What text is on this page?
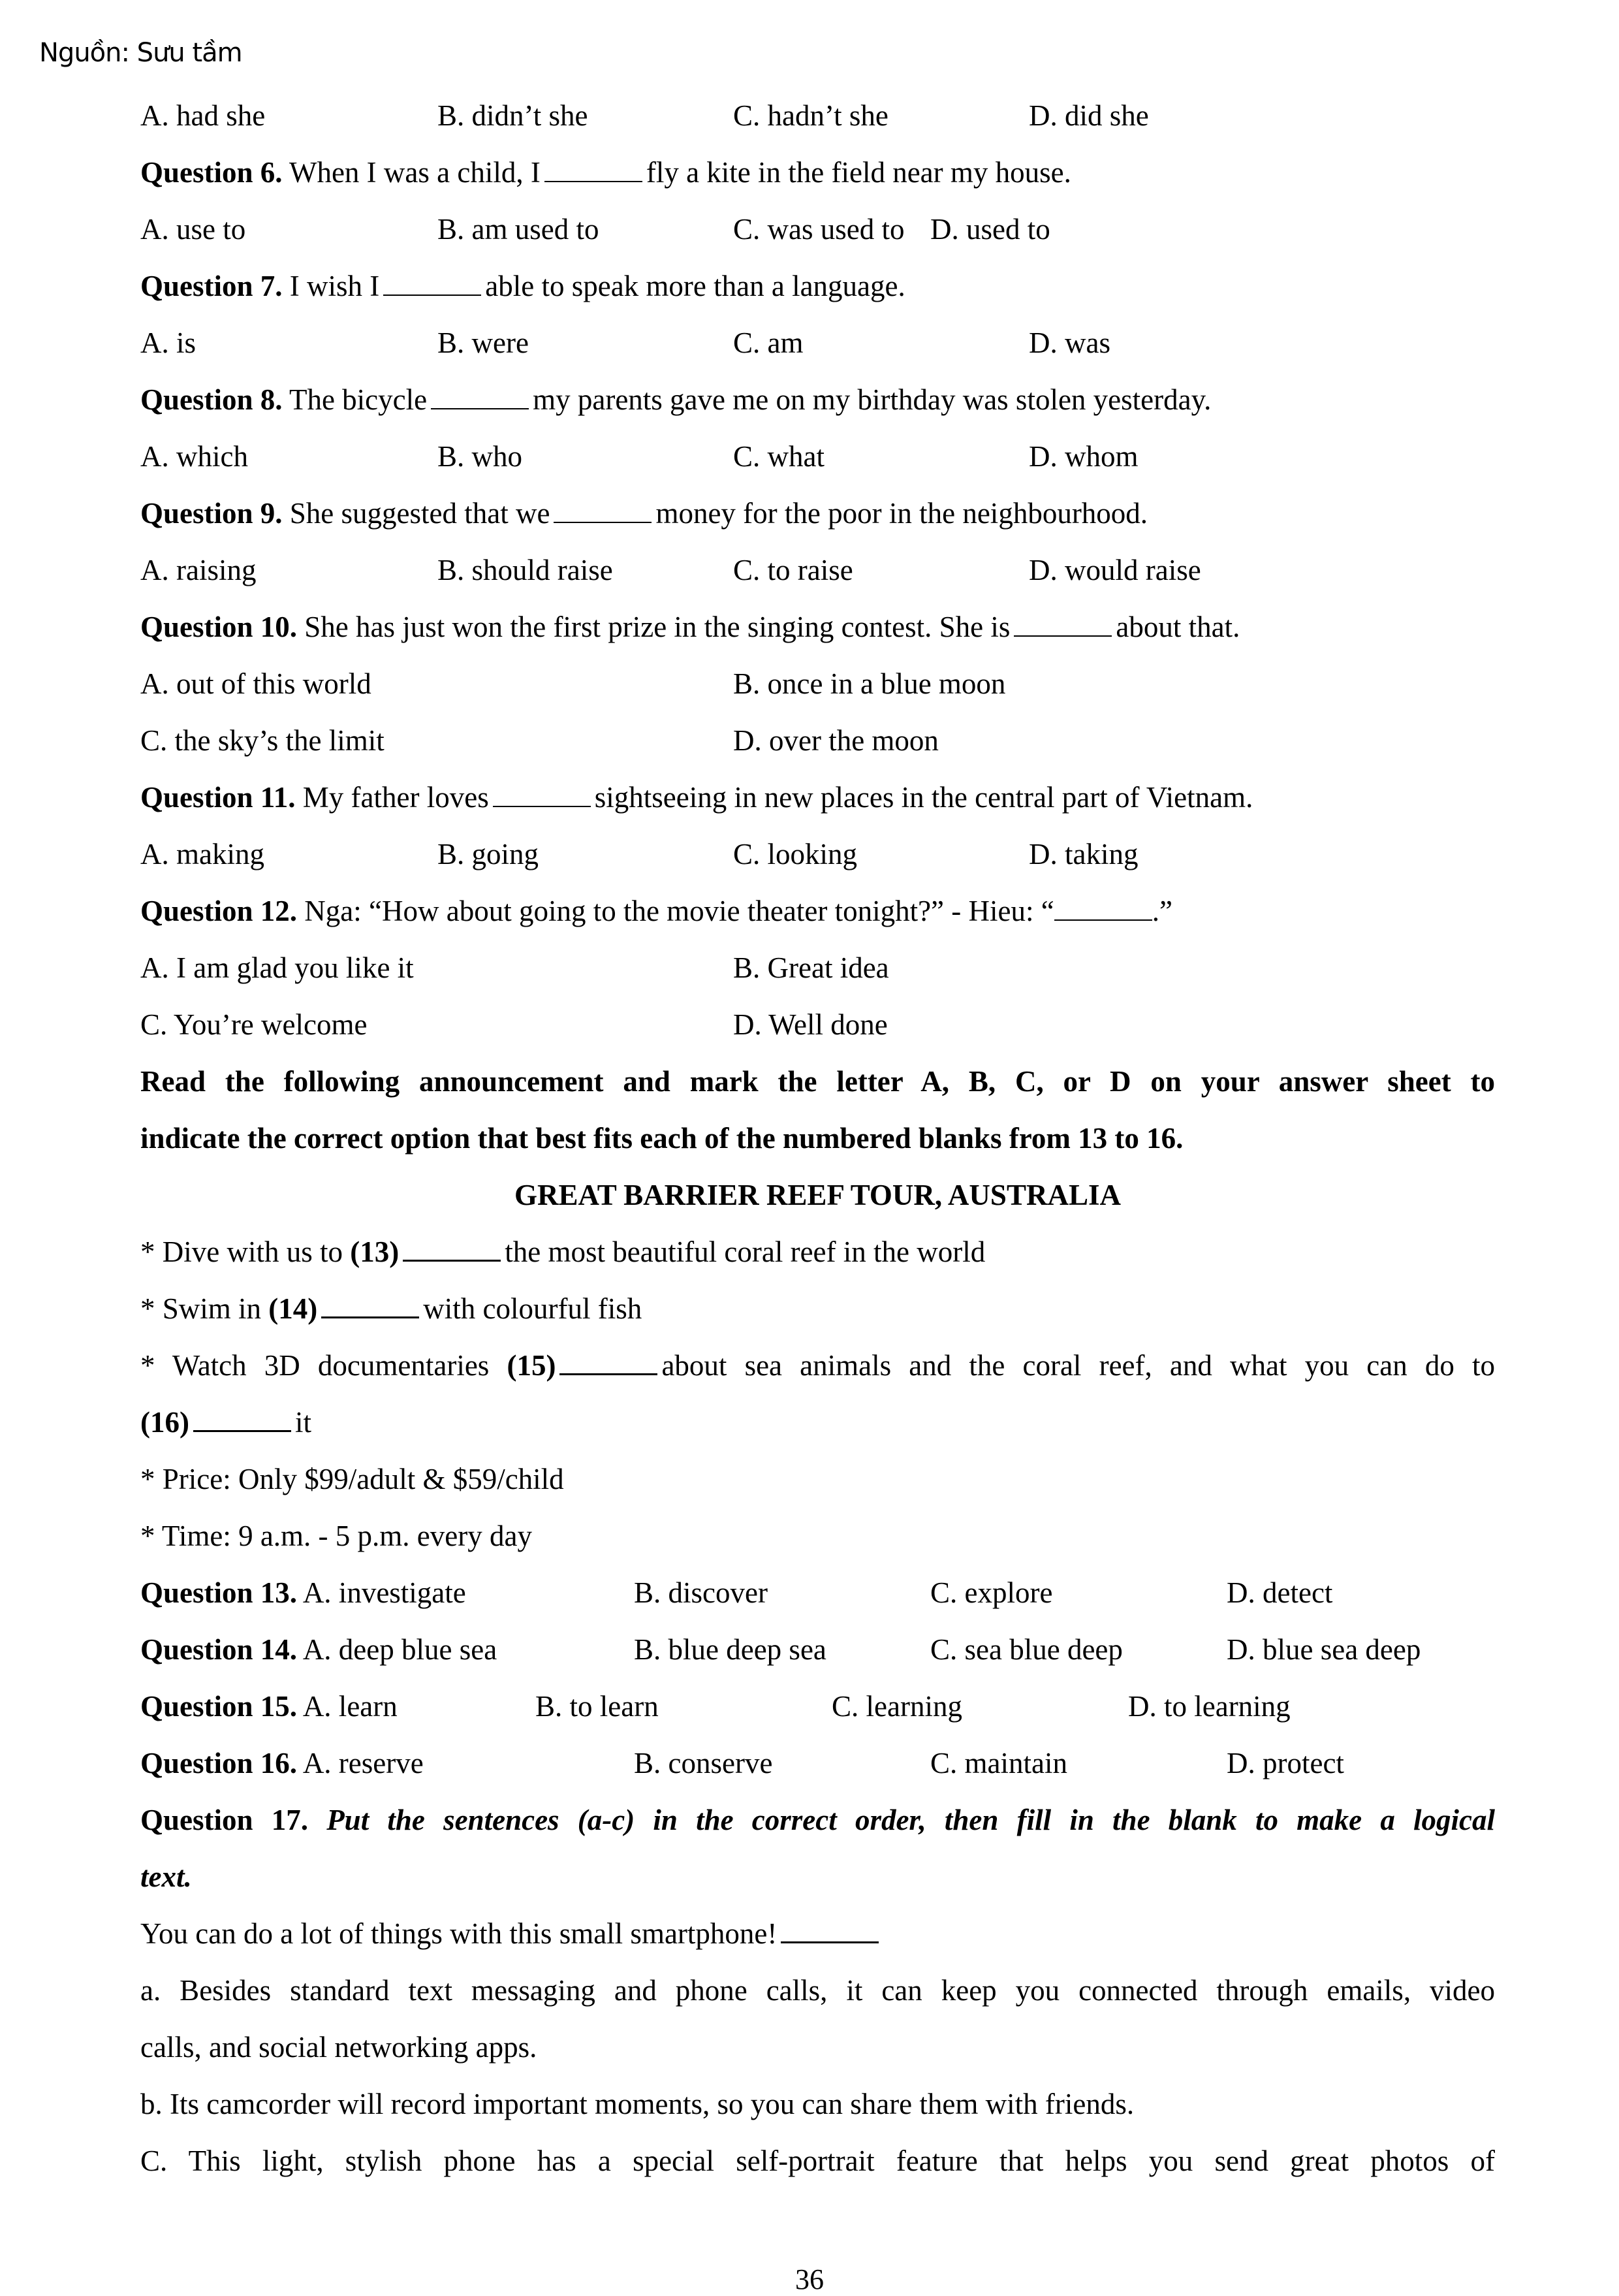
Nguồn: Sưu tầm
A. had she	B. didn’t she	C. hadn’t she	D. did she
Question 6. When I was a child, I	fly a kite in the field near my house.
A. use to	B. am used to	C. was used to D. used to
Question 7. I wish I	able to speak more than a language.
A. is	B. were	C. am	D. was
Question 8. The bicycle	my parents gave me on my birthday was stolen yesterday.
A. which	B. who	C. what	D. whom
Question 9. She suggested that we	money for the poor in the neighbourhood.
A. raising	B. should raise	C. to raise	D. would raise
Question 10. She has just won the first prize in the singing contest. She is	about that.
A. out of this world	B. once in a blue moon
C. the sky’s the limit	D. over the moon
Question 11. My father loves	sightseeing in new places in the central part of Vietnam.
A. making	B. going	C. looking	D. taking
Question 12. Nga: “How about going to the movie theater tonight?” - Hieu: “	.”
A. I am glad you like it	B. Great idea
C. You’re welcome	D. Well done
Read the following announcement and mark the letter A, B, C, or D on your answer sheet to
indicate the correct option that best fits each of the numbered blanks from 13 to 16.
GREAT BARRIER REEF TOUR, AUSTRALIA
* Dive with us to (13)	the most beautiful coral reef in the world
* Swim in (14)	with colourful fish
* Watch 3D documentaries (15)	about sea animals and the coral reef, and what you can do to
(16)	it
* Price: Only $99/adult & $59/child
* Time: 9 a.m. - 5 p.m. every day
Question 13. A. investigate	B. discover	C. explore	D. detect
Question 14. A. deep blue sea	B. blue deep sea	C. sea blue deep	D. blue sea deep
Question 15. A. learn	B. to learn	C. learning	D. to learning
Question 16. A. reserve	B. conserve	C. maintain	D. protect
Question 17. Put the sentences (a-c) in the correct order, then fill in the blank to make a logical
text.
You can do a lot of things with this small smartphone!
a. Besides standard text messaging and phone calls, it can keep you connected through emails, video
calls, and social networking apps.
b. Its camcorder will record important moments, so you can share them with friends.
C. This light, stylish phone has a special self-portrait feature that helps you send great photos of
36
